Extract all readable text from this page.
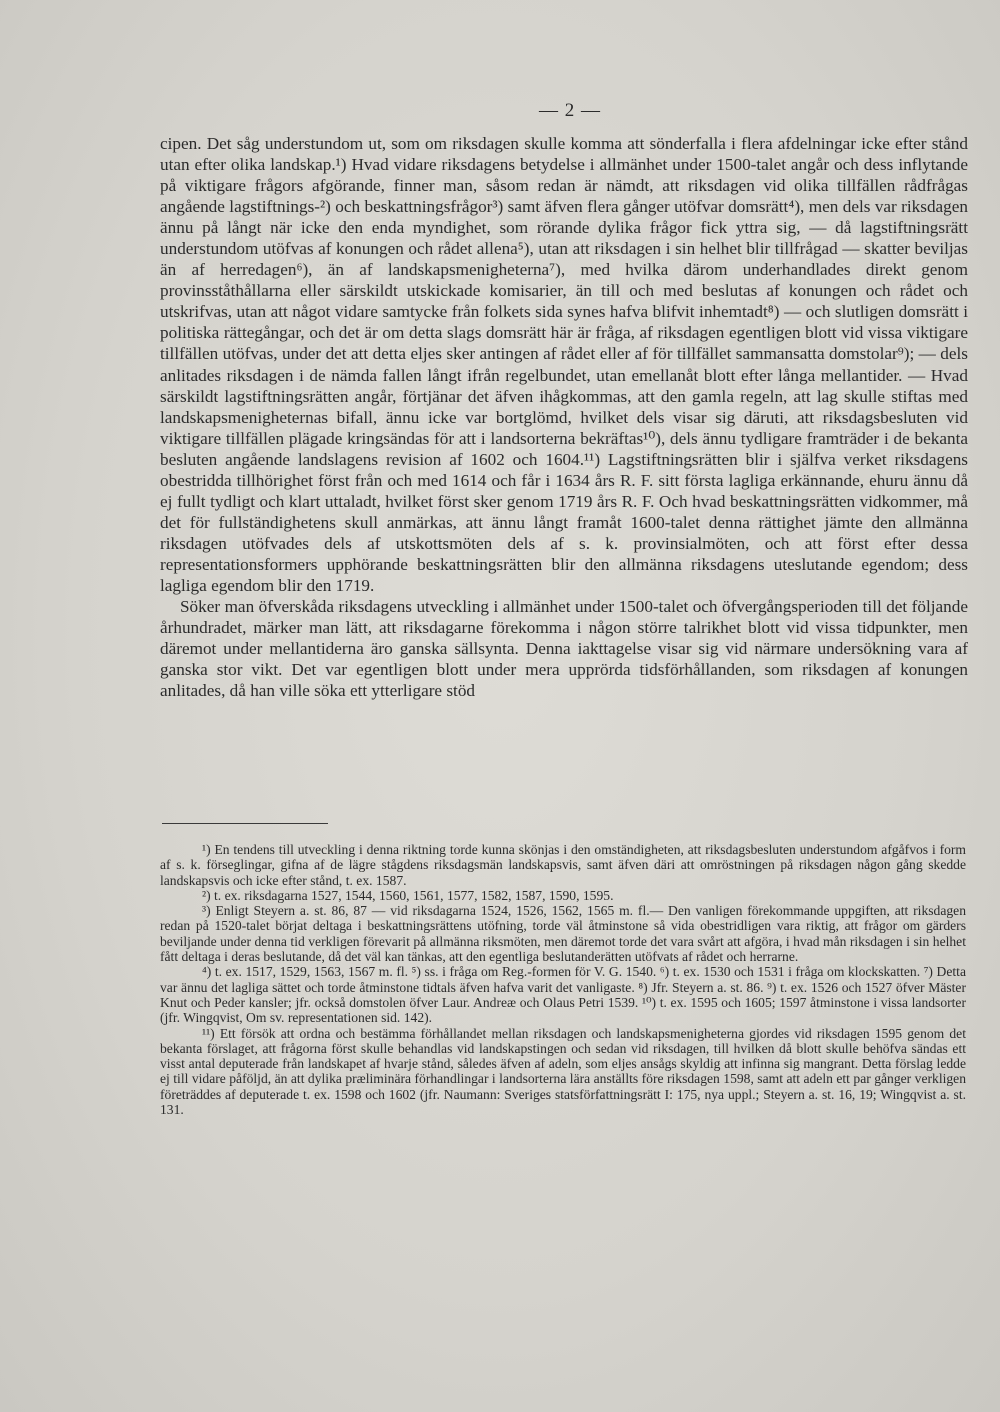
— 2 —

cipen. Det såg understundom ut, som om riksdagen skulle komma att sönderfalla i flera afdelningar icke efter stånd utan efter olika landskap.¹) Hvad vidare riksdagens betydelse i allmänhet under 1500-talet angår och dess inflytande på viktigare frågors afgörande, finner man, såsom redan är nämdt, att riksdagen vid olika tillfällen rådfrågas angående lagstiftnings-²) och beskattningsfrågor³) samt äfven flera gånger utöfvar domsrätt⁴), men dels var riksdagen ännu på långt när icke den enda myndighet, som rörande dylika frågor fick yttra sig, — då lagstiftningsrätt understundom utöfvas af konungen och rådet allena⁵), utan att riksdagen i sin helhet blir tillfrågad — skatter beviljas än af herredagen⁶), än af landskapsmenigheterna⁷), med hvilka därom underhandlades direkt genom provinsståthållarna eller särskildt utskickade komisarier, än till och med beslutas af konungen och rådet och utskrifvas, utan att något vidare samtycke från folkets sida synes hafva blifvit inhemtadt⁸) — och slutligen domsrätt i politiska rättegångar, och det är om detta slags domsrätt här är fråga, af riksdagen egentligen blott vid vissa viktigare tillfällen utöfvas, under det att detta eljes sker antingen af rådet eller af för tillfället sammansatta domstolar⁹); — dels anlitades riksdagen i de nämda fallen långt ifrån regelbundet, utan emellanåt blott efter långa mellantider. — Hvad särskildt lagstiftningsrätten angår, förtjänar det äfven ihågkommas, att den gamla regeln, att lag skulle stiftas med landskapsmenigheternas bifall, ännu icke var bortglömd, hvilket dels visar sig däruti, att riksdagsbesluten vid viktigare tillfällen plägade kringsändas för att i landsorterna bekräftas¹⁰), dels ännu tydligare framträder i de bekanta besluten angående landslagens revision af 1602 och 1604.¹¹) Lagstiftningsrätten blir i själfva verket riksdagens obestridda tillhörighet först från och med 1614 och får i 1634 års R. F. sitt första lagliga erkännande, ehuru ännu då ej fullt tydligt och klart uttaladt, hvilket först sker genom 1719 års R. F. Och hvad beskattningsrätten vidkommer, må det för fullständighetens skull anmärkas, att ännu långt framåt 1600-talet denna rättighet jämte den allmänna riksdagen utöfvades dels af utskottsmöten dels af s. k. provinsialmöten, och att först efter dessa representationsformers upphörande beskattningsrätten blir den allmänna riksdagens uteslutande egendom; dess lagliga egendom blir den 1719.

Söker man öfverskåda riksdagens utveckling i allmänhet under 1500-talet och öfvergångsperioden till det följande århundradet, märker man lätt, att riksdagarne förekomma i någon större talrikhet blott vid vissa tidpunkter, men däremot under mellantiderna äro ganska sällsynta. Denna iakttagelse visar sig vid närmare undersökning vara af ganska stor vikt. Det var egentligen blott under mera upprörda tidsförhållanden, som riksdagen af konungen anlitades, då han ville söka ett ytterligare stöd

¹) En tendens till utveckling i denna riktning torde kunna skönjas i den omständigheten, att riksdagsbesluten understundom afgåfvos i form af s. k. förseglingar, gifna af de lägre stågdens riksdagsmän landskapsvis, samt äfven däri att omröstningen på riksdagen någon gång skedde landskapsvis och icke efter stånd, t. ex. 1587.

²) t. ex. riksdagarna 1527, 1544, 1560, 1561, 1577, 1582, 1587, 1590, 1595.

³) Enligt Steyern a. st. 86, 87 — vid riksdagarna 1524, 1526, 1562, 1565 m. fl.— Den vanligen förekommande uppgiften, att riksdagen redan på 1520-talet börjat deltaga i beskattningsrättens utöfning, torde väl åtminstone så vida obestridligen vara riktig, att frågor om gärders beviljande under denna tid verkligen förevarit på allmänna riksmöten, men däremot torde det vara svårt att afgöra, i hvad mån riksdagen i sin helhet fått deltaga i deras beslutande, då det väl kan tänkas, att den egentliga beslutanderätten utöfvats af rådet och herrarne.

⁴) t. ex. 1517, 1529, 1563, 1567 m. fl. ⁵) ss. i fråga om Reg.-formen för V. G. 1540. ⁶) t. ex. 1530 och 1531 i fråga om klockskatten. ⁷) Detta var ännu det lagliga sättet och torde åtminstone tidtals äfven hafva varit det vanligaste. ⁸) Jfr. Steyern a. st. 86. ⁹) t. ex. 1526 och 1527 öfver Mäster Knut och Peder kansler; jfr. också domstolen öfver Laur. Andreæ och Olaus Petri 1539. ¹⁰) t. ex. 1595 och 1605; 1597 åtminstone i vissa landsorter (jfr. Wingqvist, Om sv. representationen sid. 142).

¹¹) Ett försök att ordna och bestämma förhållandet mellan riksdagen och landskapsmenigheterna gjordes vid riksdagen 1595 genom det bekanta förslaget, att frågorna först skulle behandlas vid landskapstingen och sedan vid riksdagen, till hvilken då blott skulle behöfva sändas ett visst antal deputerade från landskapet af hvarje stånd, således äfven af adeln, som eljes ansågs skyldig att infinna sig mangrant. Detta förslag ledde ej till vidare påföljd, än att dylika præliminära förhandlingar i landsorterna lära anställts före riksdagen 1598, samt att adeln ett par gånger verkligen företräddes af deputerade t. ex. 1598 och 1602 (jfr. Naumann: Sveriges statsförfattningsrätt I: 175, nya uppl.; Steyern a. st. 16, 19; Wingqvist a. st. 131.
